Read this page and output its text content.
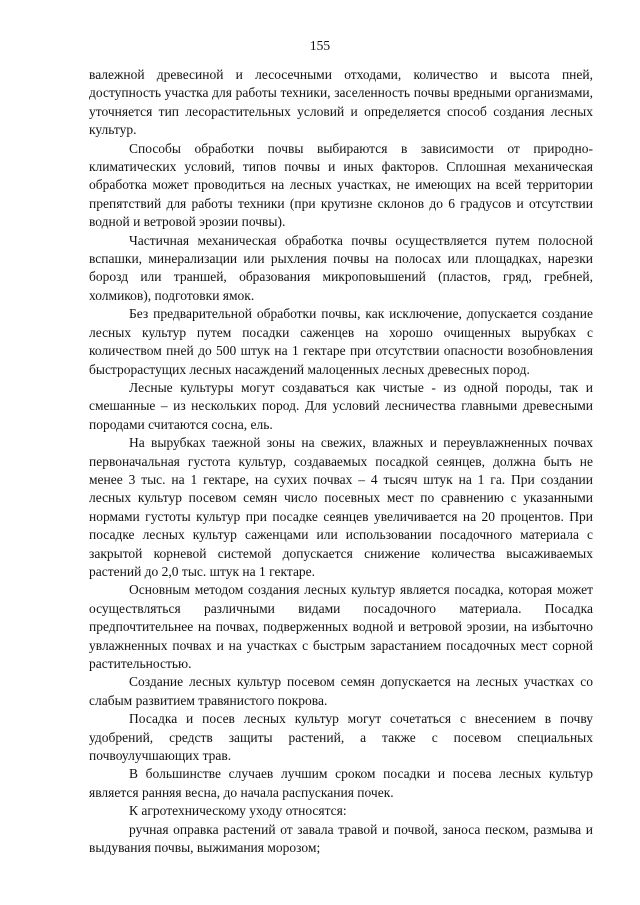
155

валежной древесиной и лесосечными отходами, количество и высота пней, доступность участка для работы техники, заселенность почвы вредными организмами, уточняется тип лесорастительных условий и определяется способ создания лесных культур.

Способы обработки почвы выбираются в зависимости от природно-климатических условий, типов почвы и иных факторов. Сплошная механическая обработка может проводиться на лесных участках, не имеющих на всей территории препятствий для работы техники (при крутизне склонов до 6 градусов и отсутствии водной и ветровой эрозии почвы).

Частичная механическая обработка почвы осуществляется путем полосной вспашки, минерализации или рыхления почвы на полосах или площадках, нарезки борозд или траншей, образования микроповышений (пластов, гряд, гребней, холмиков), подготовки ямок.

Без предварительной обработки почвы, как исключение, допускается создание лесных культур путем посадки саженцев на хорошо очищенных вырубках с количеством пней до 500 штук на 1 гектаре при отсутствии опасности возобновления быстрорастущих лесных насаждений малоценных лесных древесных пород.

Лесные культуры могут создаваться как чистые - из одной породы, так и смешанные – из нескольких пород. Для условий лесничества главными древесными породами считаются сосна, ель.

На вырубках таежной зоны на свежих, влажных и переувлажненных почвах первоначальная густота культур, создаваемых посадкой сеянцев, должна быть не менее 3 тыс. на 1 гектаре, на сухих почвах – 4 тысяч штук на 1 га. При создании лесных культур посевом семян число посевных мест по сравнению с указанными нормами густоты культур при посадке сеянцев увеличивается на 20 процентов. При посадке лесных культур саженцами или использовании посадочного материала с закрытой корневой системой допускается снижение количества высаживаемых растений до 2,0 тыс. штук на 1 гектаре.

Основным методом создания лесных культур является посадка, которая может осуществляться различными видами посадочного материала. Посадка предпочтительнее на почвах, подверженных водной и ветровой эрозии, на избыточно увлажненных почвах и на участках с быстрым зарастанием посадочных мест сорной растительностью.

Создание лесных культур посевом семян допускается на лесных участках со слабым развитием травянистого покрова.

Посадка и посев лесных культур могут сочетаться с внесением в почву удобрений, средств защиты растений, а также с посевом специальных почвоулучшающих трав.

В большинстве случаев лучшим сроком посадки и посева лесных культур является ранняя весна, до начала распускания почек.

К агротехническому уходу относятся:

ручная оправка растений от завала травой и почвой, заноса песком, размыва и выдувания почвы, выжимания морозом;
